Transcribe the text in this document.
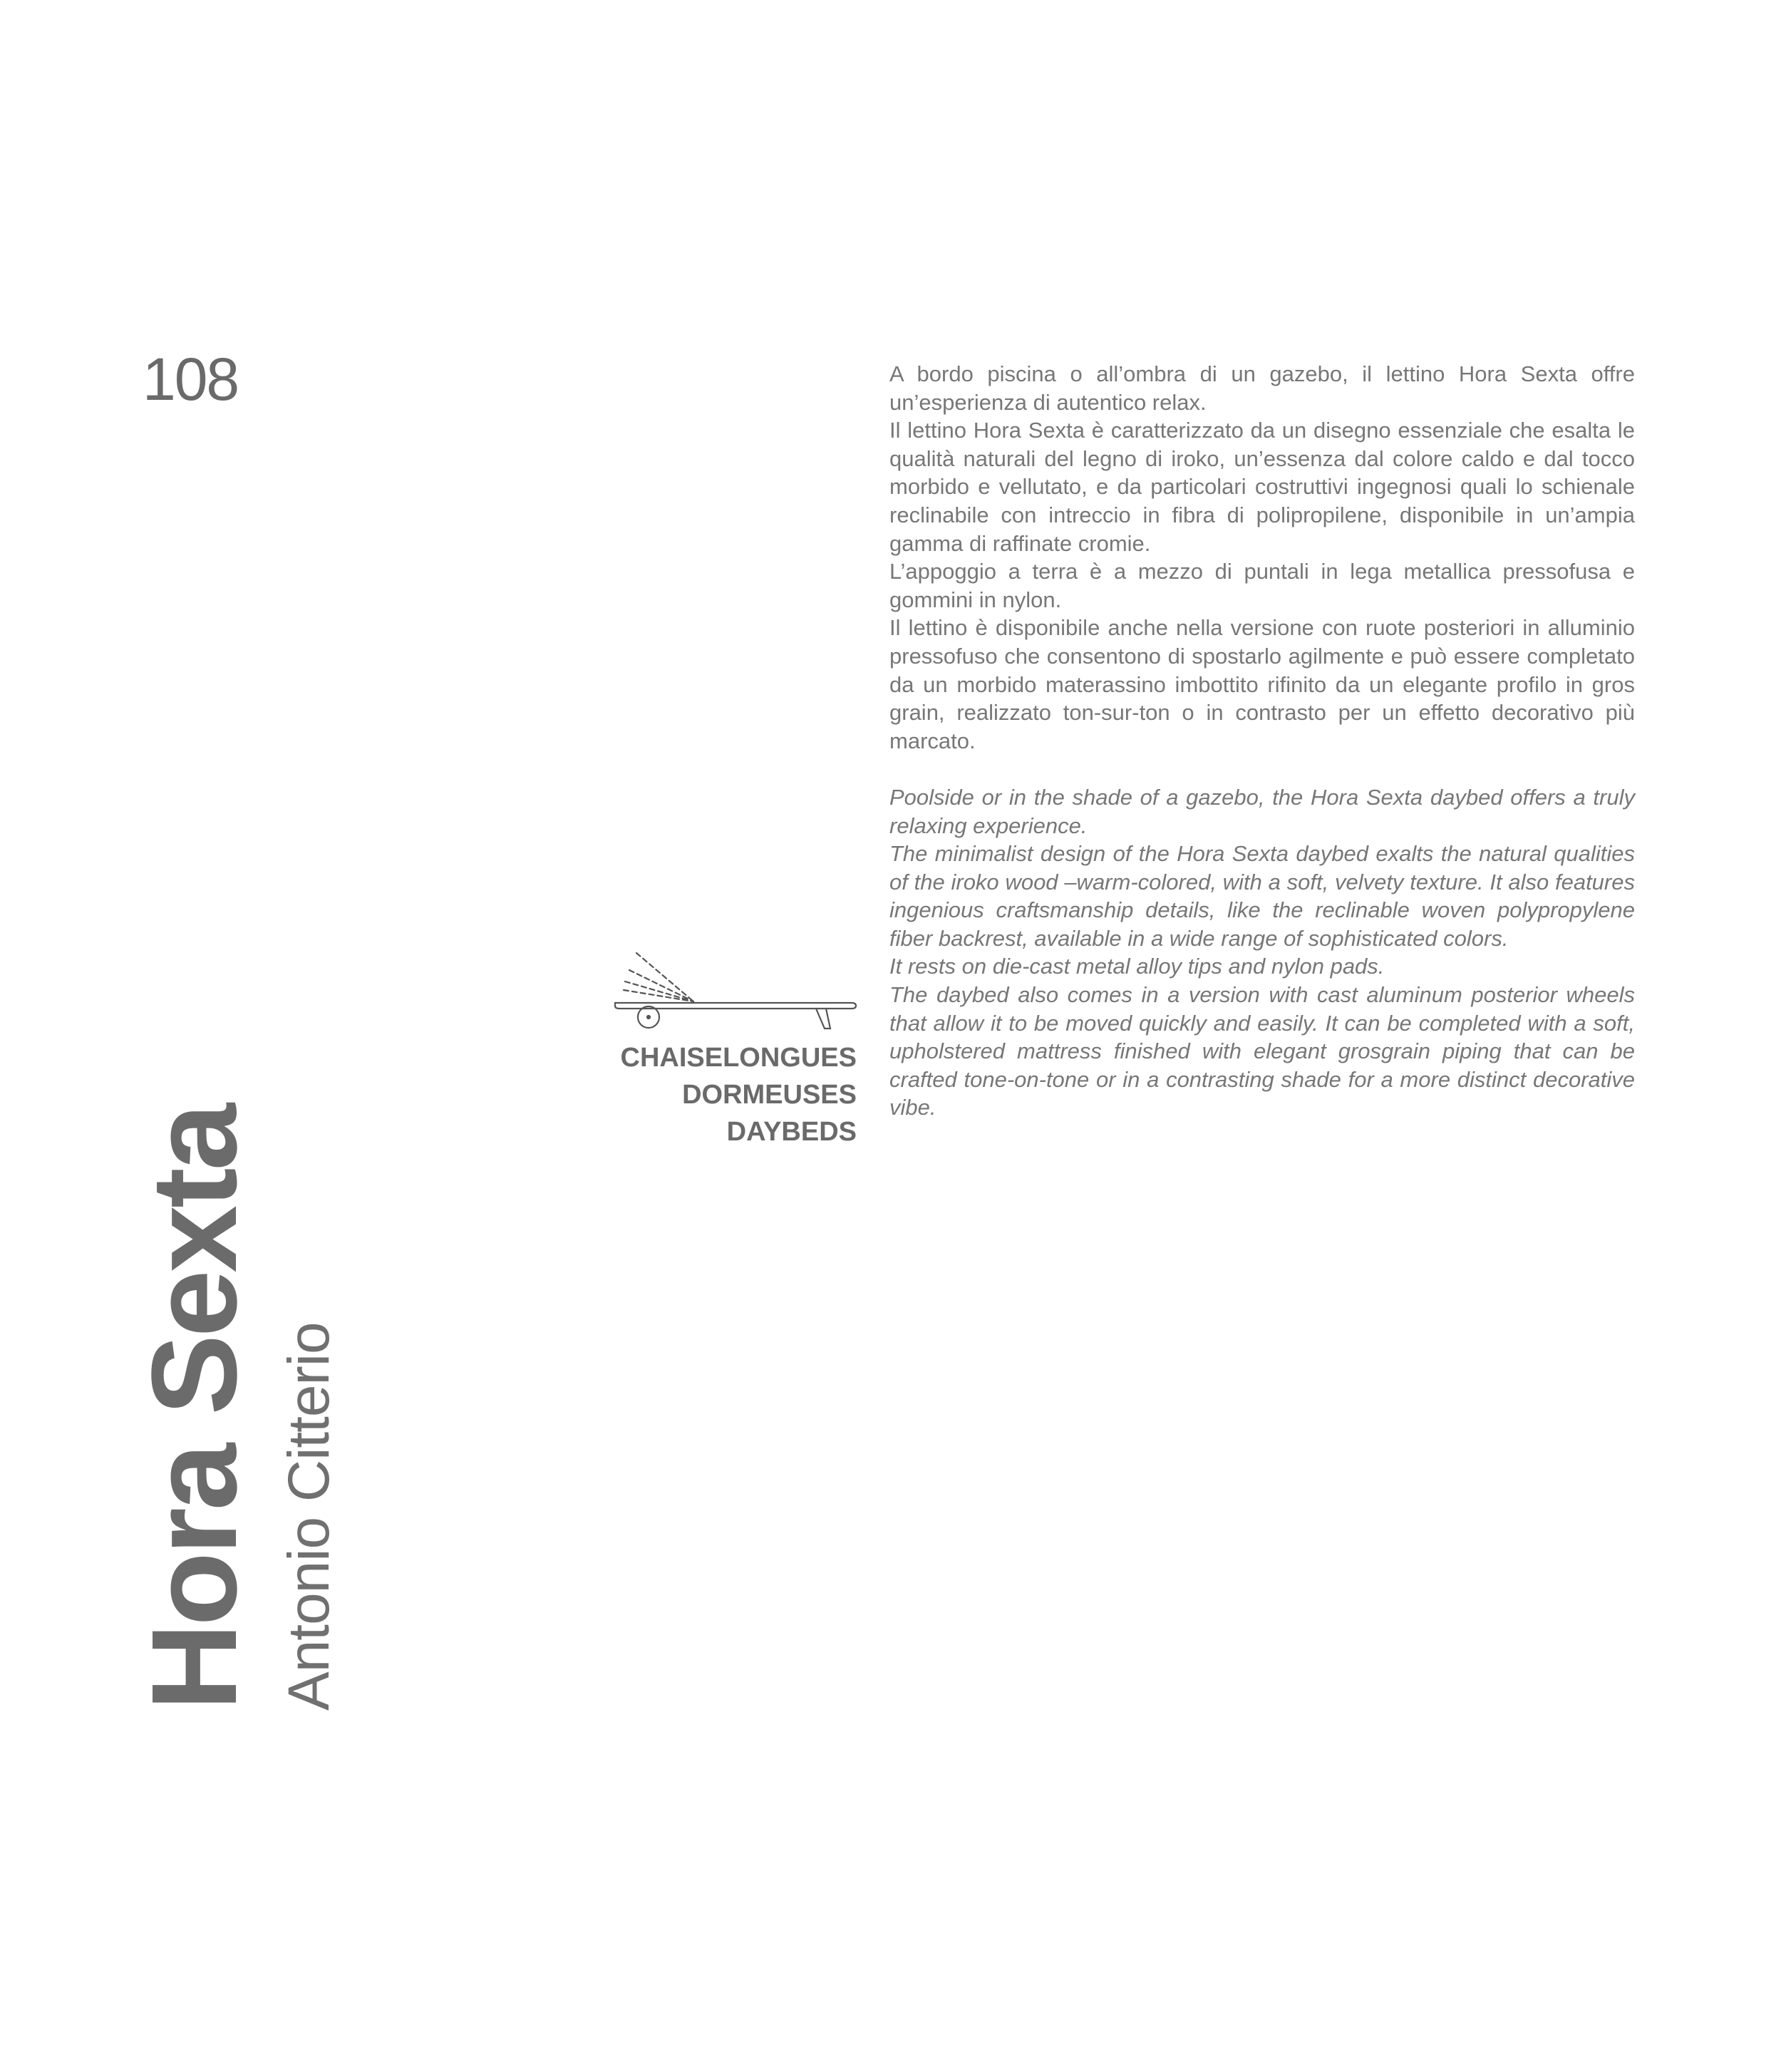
108
Hora Sexta Antonio Citterio
CHAISELONGUES
DORMEUSES
DAYBEDS

A bordo piscina o all’ombra di un gazebo, il lettino Hora Sexta offre un’esperienza di autentico relax.

Il lettino Hora Sexta è caratterizzato da un disegno essenziale che esalta le qualità naturali del legno di iroko, un’essenza dal colore caldo e dal tocco morbido e vellutato, e da particolari costruttivi ingegnosi quali lo schienale reclinabile con intreccio in fibra di polipropilene, disponibile in un’ampia gamma di raffinate cromie.

L’appoggio a terra è a mezzo di puntali in lega metallica pressofusa e gommini in nylon.

Il lettino è disponibile anche nella versione con ruote posteriori in alluminio pressofuso che consentono di spostarlo agilmente e può essere completato da un morbido materassino imbottito rifinito da un elegante profilo in gros grain, realizzato ton-sur-ton o in contrasto per un effetto decorativo più marcato.

Poolside or in the shade of a gazebo, the Hora Sexta daybed offers a truly relaxing experience.

The minimalist design of the Hora Sexta daybed exalts the natural qualities of the iroko wood –warm-colored, with a soft, velvety texture. It also features ingenious craftsmanship details, like the reclinable woven polypropylene fiber backrest, available in a wide range of sophisticated colors.

It rests on die-cast metal alloy tips and nylon pads.

The daybed also comes in a version with cast aluminum posterior wheels that allow it to be moved quickly and easily. It can be completed with a soft, upholstered mattress finished with elegant grosgrain piping that can be crafted tone-on-tone or in a contrasting shade for a more distinct decorative vibe.
